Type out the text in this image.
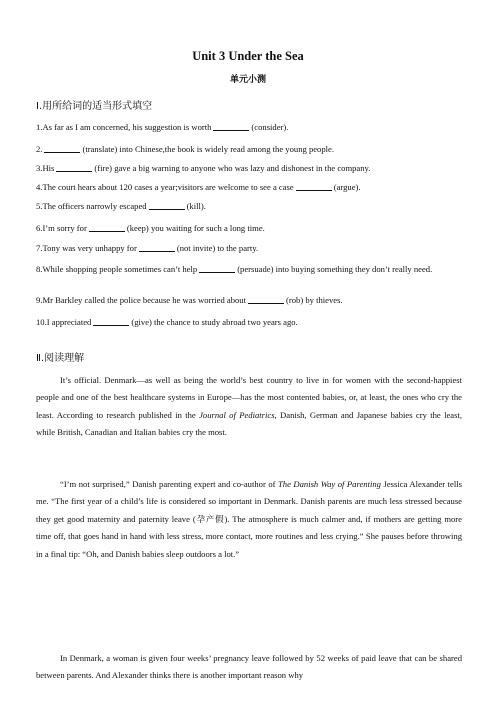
Unit 3 Under the Sea
单元小测
Ⅰ.用所给词的适当形式填空
1.As far as I am concerned, his suggestion is worth	(consider).
2.	(translate) into Chinese,the book is widely read among the young people.
3.His	(fire) gave a big warning to anyone who was lazy and dishonest in the company.
4.The court hears about 120 cases a year;visitors are welcome to see a case	(argue).
5.The officers narrowly escaped	(kill).
6.I’m sorry for	(keep) you waiting for such a long time.
7.Tony was very unhappy for	(not invite) to the party.
8.While shopping people sometimes can’t help	(persuade) into buying something they don’t really need.
9.Mr Barkley called the police because he was worried about	(rob) by thieves.
10.I appreciated	(give) the chance to study abroad two years ago.
Ⅱ.阅读理解
It’s official. Denmark—as well as being the world’s best country to live in for women with the second-happiest people and one of the best healthcare systems in Europe—has the most contented babies, or, at least, the ones who cry the least. According to research published in the Journal of Pediatrics, Danish, German and Japanese babies cry the least, while British, Canadian and Italian babies cry the most.
“I’m not surprised,” Danish parenting expert and co-author of The Danish Way of Parenting Jessica Alexander tells me. “The first year of a child’s life is considered so important in Denmark. Danish parents are much less stressed because they get good maternity and paternity leave (孕产假). The atmosphere is much calmer and, if mothers are getting more time off, that goes hand in hand with less stress, more contact, more routines and less crying.” She pauses before throwing in a final tip: “Oh, and Danish babies sleep outdoors a lot.”
In Denmark, a woman is given four weeks’ pregnancy leave followed by 52 weeks of paid leave that can be shared between parents. And Alexander thinks there is another important reason why
